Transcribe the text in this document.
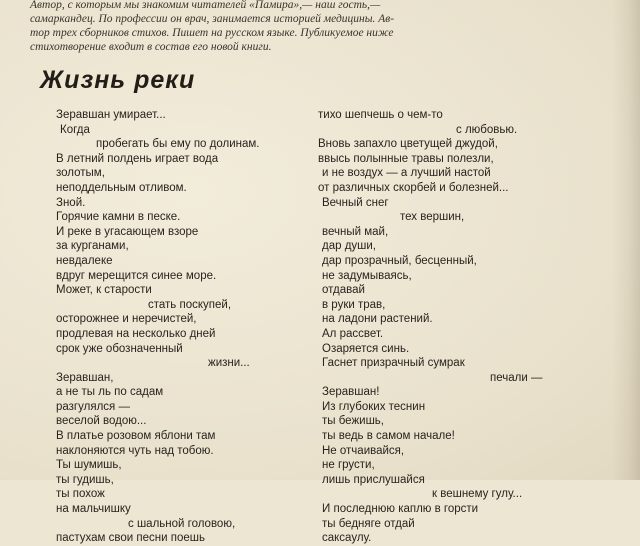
Автор, с которым мы знакомим читателей «Памира»,— наш гость,—
самаркандец. По профессии он врач, занимается историей медицины. Ав-
тор трех сборников стихов. Пишет на русском языке. Публикуемое ниже
стихотворение входит в состав его новой книги.
Жизнь реки
Зеравшан умирает...
Когда
пробегать бы ему по долинам.
В летний полдень играет вода
золотым,
неподдельным отливом.
Зной.
Горячие камни в песке.
И реке в угасающем взоре
за курганами,
невдалеке
вдруг мерещится синее море.
Может, к старости
стать поскупей,
осторожнее и неречистей,
продлевая на несколько дней
срок уже обозначенный
жизни...
Зеравшан,
а не ты ль по садам
разгулялся —
веселой водою...
В платье розовом яблони там
наклоняются чуть над тобою.
Ты шумишь,
ты гудишь,
ты похож
на мальчишку
с шальной головою,
пастухам свои песни поешь
тихо шепчешь о чем-то
с любовью.
Вновь запахло цветущей джудой,
ввысь полынные травы полезли,
и не воздух — а лучший настой
от различных скорбей и болезней...
Вечный снег
тех вершин,
вечный май,
дар души,
дар прозрачный, бесценный,
не задумываясь,
отдавай
в руки трав,
на ладони растений.
Ал рассвет.
Озаряется синь.
Гаснет призрачный сумрак
печали —
Зеравшан!
Из глубоких теснин
ты бежишь,
ты ведь в самом начале!
Не отчаивайся,
не грусти,
лишь прислушайся
к вешнему гулу...
И последнюю каплю в горсти
ты бедняге отдай
саксаулу.
